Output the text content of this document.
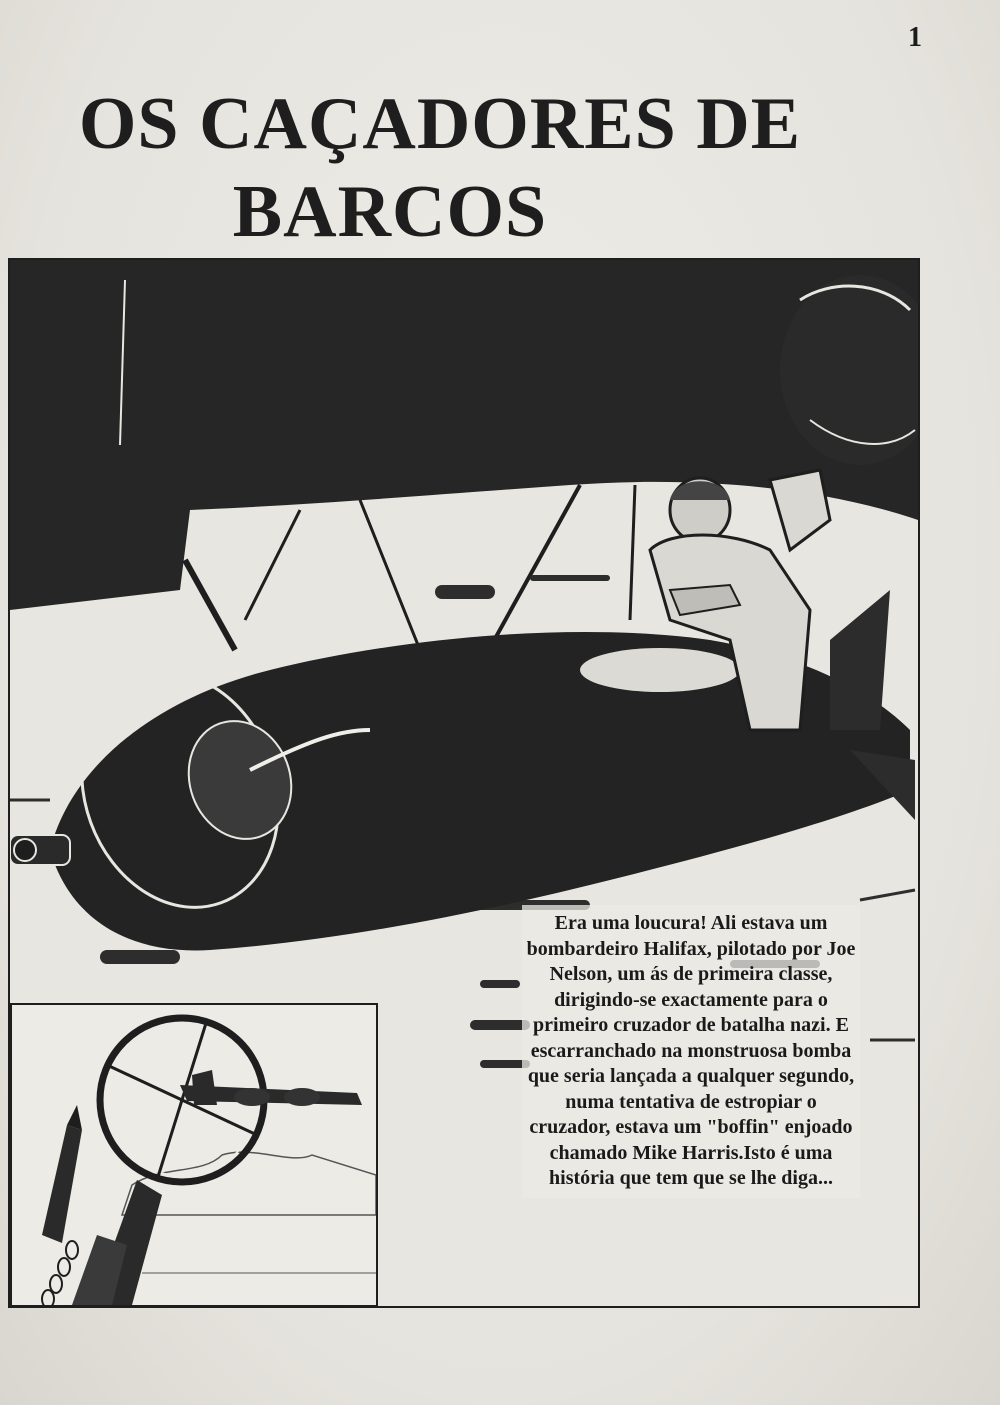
1
OS CAÇADORES DE
BARCOS
Era uma loucura! Ali estava um bombardeiro Halifax, pilotado por Joe Nelson, um ás de primeira classe, dirigindo-se exactamente para o primeiro cruzador de batalha nazi. E escarranchado na monstruosa bomba que seria lançada a qualquer segundo, numa tentativa de estropiar o cruzador, estava um "boffin" enjoado chamado Mike Harris.Isto é uma história que tem que se lhe diga...
